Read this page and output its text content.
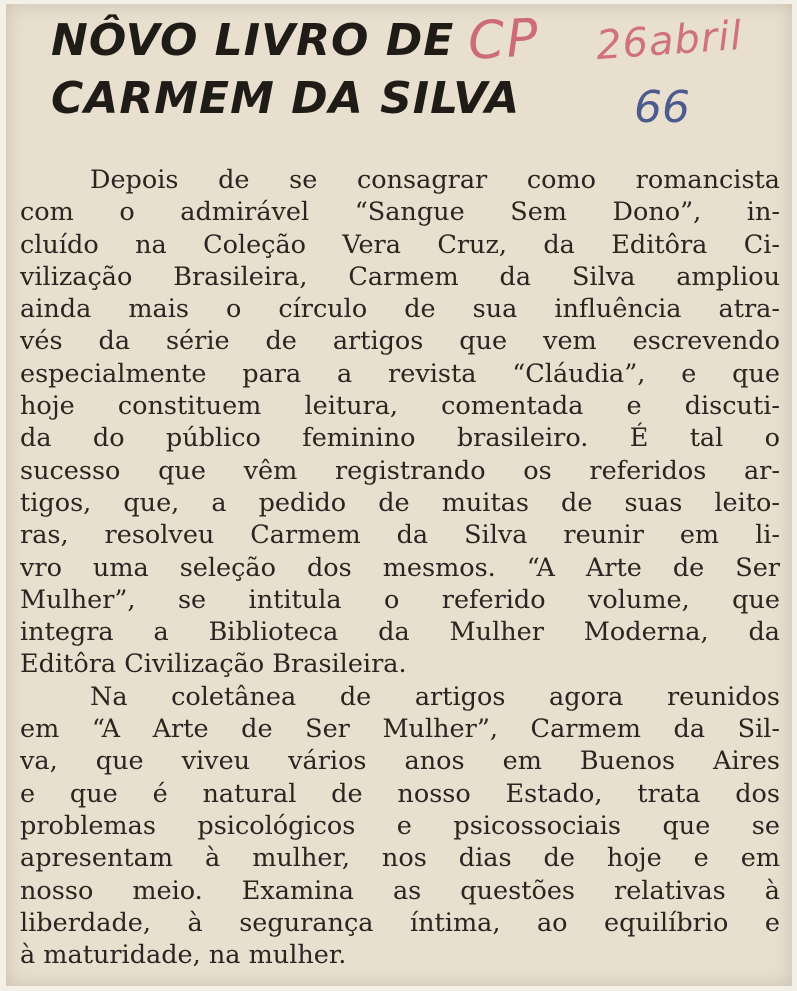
NÔVO LIVRO DE
CARMEM DA SILVA
CP 26abril
66
Depois de se consagrar como romancista
com o admirável “Sangue Sem Dono”, in-
cluído na Coleção Vera Cruz, da Editôra Ci-
vilização Brasileira, Carmem da Silva ampliou
ainda mais o círculo de sua influência atra-
vés da série de artigos que vem escrevendo
especialmente para a revista “Cláudia”, e que
hoje constituem leitura, comentada e discuti-
da do público feminino brasileiro. É tal o
sucesso que vêm registrando os referidos ar-
tigos, que, a pedido de muitas de suas leito-
ras, resolveu Carmem da Silva reunir em li-
vro uma seleção dos mesmos. “A Arte de Ser
Mulher”, se intitula o referido volume, que
integra a Biblioteca da Mulher Moderna, da
Editôra Civilização Brasileira.
Na coletânea de artigos agora reunidos
em “A Arte de Ser Mulher”, Carmem da Sil-
va, que viveu vários anos em Buenos Aires
e que é natural de nosso Estado, trata dos
problemas psicológicos e psicossociais que se
apresentam à mulher, nos dias de hoje e em
nosso meio. Examina as questões relativas à
liberdade, à segurança íntima, ao equilíbrio e
à maturidade, na mulher.
